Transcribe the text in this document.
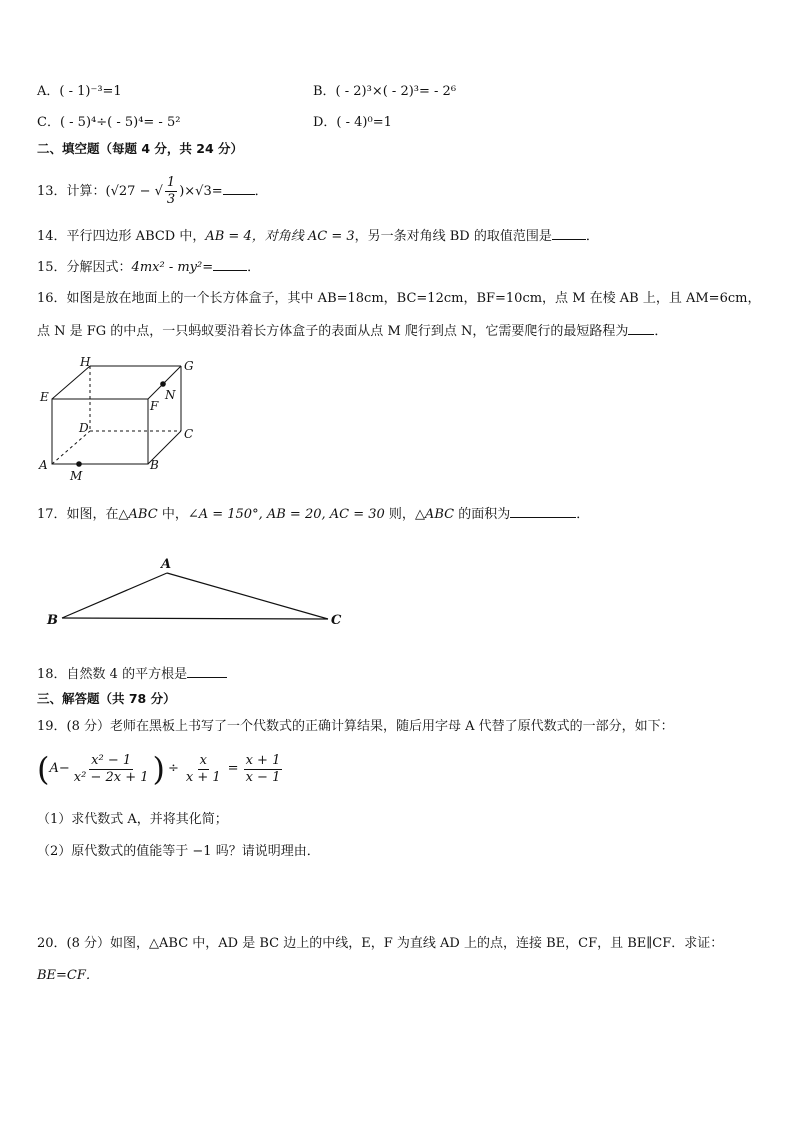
A．( - 1)⁻³=1	B．( - 2)³×( - 2)³= - 2⁶
C．( - 5)⁴÷( - 5)⁴= - 5²	D．( - 4)⁰=1
二、填空题（每题 4 分，共 24 分）
13．计算：(√27 − √ $\frac{1}{3} )\times√3=$ ．
14．平行四边形 ABCD 中，AB = 4，对角线 AC = 3，另一条对角线 BD 的取值范围是	．
15．分解因式：4mx² - my²=	．
16．如图是放在地面上的一个长方体盒子，其中 AB=18cm，BC=12cm，BF=10cm，点 M 在棱 AB 上，且 AM=6cm，
点 N 是 FG 的中点，一只蚂蚁要沿着长方体盒子的表面从点 M 爬行到点 N，它需要爬行的最短路程为 ．
H	G
E
F
N
D	C
A	B
M
17．如图，在△ABC 中，∠A = 150°, AB = 20, AC = 30 则，△ABC 的面积为	．
A
B	C
18．自然数 4 的平方根是
三、解答题（共 78 分）
19．(8 分）老师在黑板上书写了一个代数式的正确计算结果，随后用字母 A 代替了原代数式的一部分，如下：
( $A - \frac{\text{x² − 1}}{\text{x² − 2x + 1}}$ ) ÷ $\frac{x}{x + 1} = \frac{x + 1}{x - 1}$
（1）求代数式 A，并将其化简；
（2）原代数式的值能等于 −1 吗？请说明理由．
20．(8 分）如图，△ABC 中，AD 是 BC 边上的中线，E，F 为直线 AD 上的点，连接 BE，CF，且 BE∥CF．求证：
BE=CF．
